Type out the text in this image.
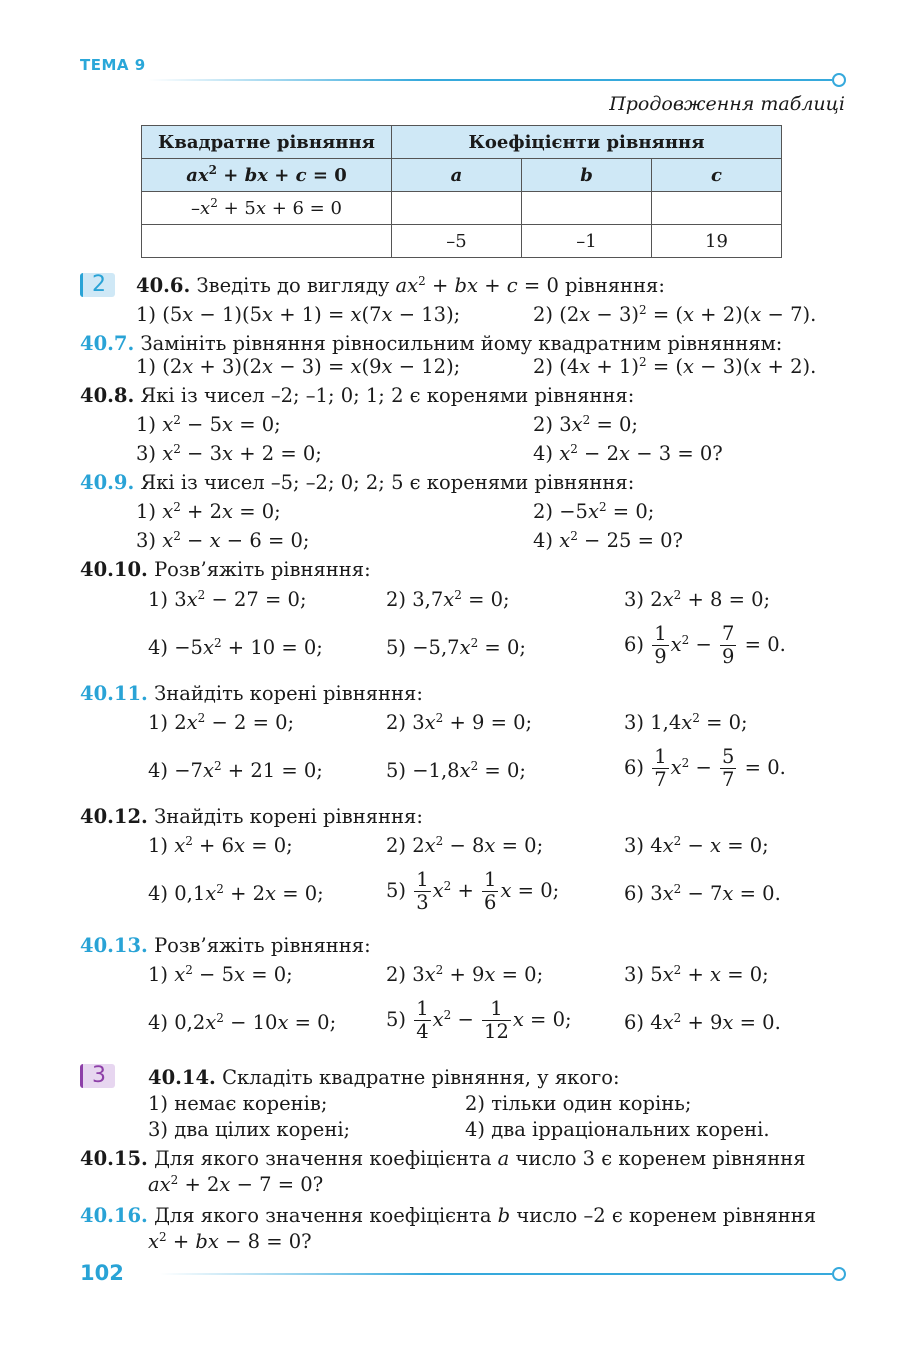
ТЕМА 9
Продовження таблиці
Квадратне рівняння	Коефіцієнти рівняння		
$ax^2$ + bx + c = 0	a	b	c
$-x^2 + 5x + 6 = 0$			
	–5	–1	19
2	40.6. Зведіть до вигляду $ax^2$ + bx + c = 0 рівняння:
1) (5x − 1)(5x + 1) = x(7x − 13);	2) $(2x - 3)^2 = (x + 2)(x - 7)$.
40.7. Замініть рівняння рівносильним йому квадратним рівнянням:
1) (2x + 3)(2x − 3) = x(9x − 12);	2) $(4x + 1)^2 = (x - 3)(x + 2)$.
40.8. Які із чисел –2; –1; 0; 1; 2 є коренями рівняння:
1) $x^2 - 5x = 0$;	2) $3x^2 = 0$;
3) $x^2 - 3x + 2 = 0$;	4) $x^2 - 2x - 3 = 0$?
40.9. Які із чисел –5; –2; 0; 2; 5 є коренями рівняння:
1) $x^2 + 2x = 0$;	$2) -5x^2 = 0$;
3) $x^2 - x - 6 = 0$;	4) $x^2 - 25 = 0$?
40.10. Розв’яжіть рівняння:
1) $3x^2 - 27 = 0$;	2) $3,7x^2 = 0$;	3) $2x^2 + 8 = 0$;
$4) -5x^2 + 10 = 0$;	$5) -5,7x^2 = 0$;	$6) \frac{1}{9} x^2 - \frac{7}{9} = 0$.
40.11. Знайдіть корені рівняння:
1) $2x^2 - 2 = 0$;	2) $3x^2 + 9 = 0$;	3) $1,4x^2 = 0$;
$4) -7x^2 + 21 = 0$;	$5) -1,8x^2 = 0$;	$6) \frac{1}{7} x^2 - \frac{5}{7} = 0$.
40.12. Знайдіть корені рівняння:
1) $x^2 + 6x = 0$;	2) $2x^2 - 8x = 0$;	3) $4x^2 - x = 0$;
4) $0,1x^2 + 2x = 0$;	$5) \frac{1}{3} x^2 + \frac{1}{6}$ x = 0;	6) $3x^2 - 7x = 0$.
40.13. Розв’яжіть рівняння:
1) $x^2 - 5x = 0$;	2) $3x^2 + 9x = 0$;	3) $5x^2 + x = 0$;
4) $0,2x^2 - 10x = 0$;	$5) \frac{1}{4} x^2 - \frac{1}{12}$ x = 0;	6) $4x^2 + 9x = 0$.
3	40.14. Складіть квадратне рівняння, у якого:
1) немає коренів;	2) тільки один корінь;
3) два цілих корені;	4) два ірраціональних корені.
40.15. Для якого значення коефіцієнта a число 3 є коренем рівняння
$ax^2 + 2x - 7 = 0$?
40.16. Для якого значення коефіцієнта b число –2 є коренем рівняння
$x^2$ + bx − 8 = 0?
102
